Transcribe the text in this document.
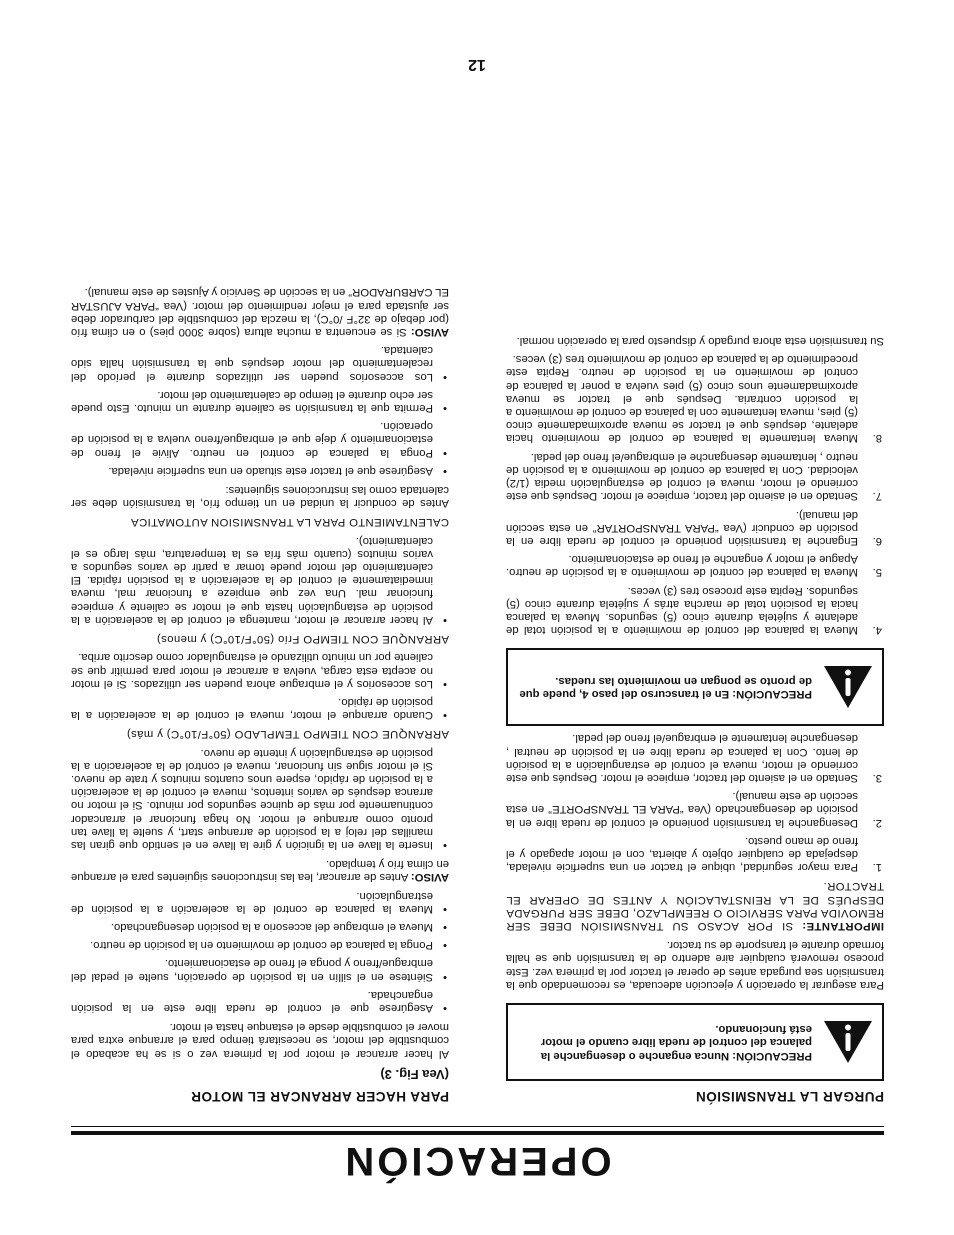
OPERACIÓN
PURGAR LA TRANSMISIÓN
PRECAUCIÓN: Nunca enganche o desenganche la palanca del control de rueda libre cuando el motor está funcionando.

Para asegurar la operación y ejecución adecuada, es recomendado que la transmisión sea purgada antes de operar el tractor por la primera vez. Este proceso removerá cualquier aire adentro de la transmisión que se halla formado durante el transporte de su tractor.

IMPORTANTE: SI POR ACASO SU TRANSMISIÓN DEBE SER REMOVIDA PARA SERVICIO O REEMPLAZO, DEBE SER PURGADA DESPUÉS DE LA REINSTALACIÓN Y ANTES DE OPERAR EL TRACTOR.

1.
Para mayor seguridad, ubique el tractor en una superficie nivelada, despejada de cualquier objeto y abierta, con el motor apagado y el freno de mano puesto.
2.
Desenganche la transmisión poniendo el control de rueda libre en la posición de desenganchado (Vea “PARA EL TRANSPORTE” en esta sección de este manual).
3.
Sentado en el asiento del tractor, empiece el motor. Después que este corriendo el motor, mueva el control de estrangulación a la posición de lento. Con la palanca de rueda libre en la posición de neutral , desenganche lentamente el embrague/el freno del pedal.
PRECAUCIÓN: En el transcurso del paso 4, puede que de pronto se pongan en movimiento las ruedas.
4.
Mueva la palanca del control de movimiento a la posición total de adelante y sujétela durante cinco (5) segundos. Mueva la palanca hacia la posición total de marcha atrás y sujétela durante cinco (5) segundos. Repita este proceso tres (3) veces.
5.
Mueva la palanca del control de movimiento a la posición de neutro. Apague el motor y enganche el freno de estacionamiento.
6.
Enganche la transmisión poniendo el control de rueda libre en la posición de conducir (Vea “PARA TRANSPORTAR” en esta sección del manual).
7.
Sentado en el asiento del tractor, empiece el motor. Después que este corriendo el motor, mueva el control de estrangulación media (1/2) velocidad. Con la palanca de control de movimiento a la posición de neutro , lentamente desenganche el embrague/el freno del pedal.
8.
Mueva lentamente la palanca de control de movimiento hacia adelante, después que el tractor se mueva aproximadamente cinco (5) pies, mueva lentamente con la palanca de control de movimiento a la posición contraria. Después que el tractor se mueva aproximadamente unos cinco (5) pies vuelva a poner la palanca de control de movimiento en la posición de neutro. Repita este procedimiento de la palanca de control de movimiento tres (3) veces.

Su transmisión esta ahora purgado y dispuesto para la operación normal.

PARA HACER ARRANCAR EL MOTOR
(Vea Fig. 3)

Al hacer arrancar el motor por la primera vez o si se ha acabado el combustible del motor, se necesitará tiempo para el arranque extra para mover el combustible desde el estanque hasta el motor.

• Asegúrese que el control de rueda libre este en la posición enganchada.
• Siéntese en el sillín en la posición de operación, suelte el pedal del embrague/freno y ponga el freno de estacionamiento.
• Ponga la palanca de control de movimiento en la posición de neutro.
• Mueva el embrague del accesorio a la posición desenganchado.
• Mueva la palanca de control de la aceleración a la posición de estrangulación.

AVISO: Antes de arrancar, lea las instrucciones siguientes para el arranque en clima frío y templado.

• Inserte la llave en la ignición y gire la llave en el sentido que giran las manillas del reloj a la posición de arranque start, y suelte la llave tan pronto como arranque el motor. No haga funcionar el arrancador continuamente por más de quince segundos por minuto. Si el motor no arranca después de varios intentos, mueva el control de la aceleración a la posición de rápido, espere unos cuantos minutos y trate de nuevo. Si el motor sigue sin funcionar, mueva el control de la aceleración a la posición de estrangulación y intente de nuevo.

ARRANQUE CON TIEMPO TEMPLADO (50°F/10°C) y más)

• Cuando arranque el motor, mueva el control de la aceleración a la posición de rápido.
• Los accesorios y el embrague ahora pueden ser utilizados. Si el motor no acepta esta carga, vuelva a arrancar el motor para permitir que se caliente por un minuto utilizando el estrangulador como descrito arriba.

ARRANQUE CON TIEMPO Frío (50°F/10°C) y menos)

• Al hacer arrancar el motor, mantenga el control de la aceleración a la posición de estangulación hasta que el motor se caliente y empiece funcionar mal. Una vez que empieze a funcionar mal, mueva inmediatamente el control de la aceleración a la posición rápida. El calentamiento del motor puede tomar a partir de varios segundos a varios minutos (cuanto más fría es la temperatura, más largo es el calentamiento).

CALENTAMIENTO PARA LA TRANSMISION AUTOMATICA

Antes de conducir la unidad en un tiempo frío, la transmisión debe ser calentada como las instrucciones siguientes:

• Asegúrese que el tractor este situado en una superficie nivelada.
• Ponga la palanca de control en neutro. Alivie el freno de estacionamiento y deje que el embrague/freno vuelva a la posición de operación.
• Permita que la transmisión se caliente durante un minuto. Esto puede ser echo durante el tiempo de calentamiento del motor.
• Los accesorios pueden ser utilizados durante el período del recalentamiento del motor después que la transmisión halla sido calentada.

AVISO: Si se encuentra a mucha altura (sobre 3000 pies) o en clima frío (por debajo de 32°F /0°C), la mezcla del combustible del carburador debe ser ajustada para el mejor rendimiento del motor. (Vea “PARA AJUSTAR EL CARBURADOR” en la sección de Servicio y Ajustes de este manual).

12
